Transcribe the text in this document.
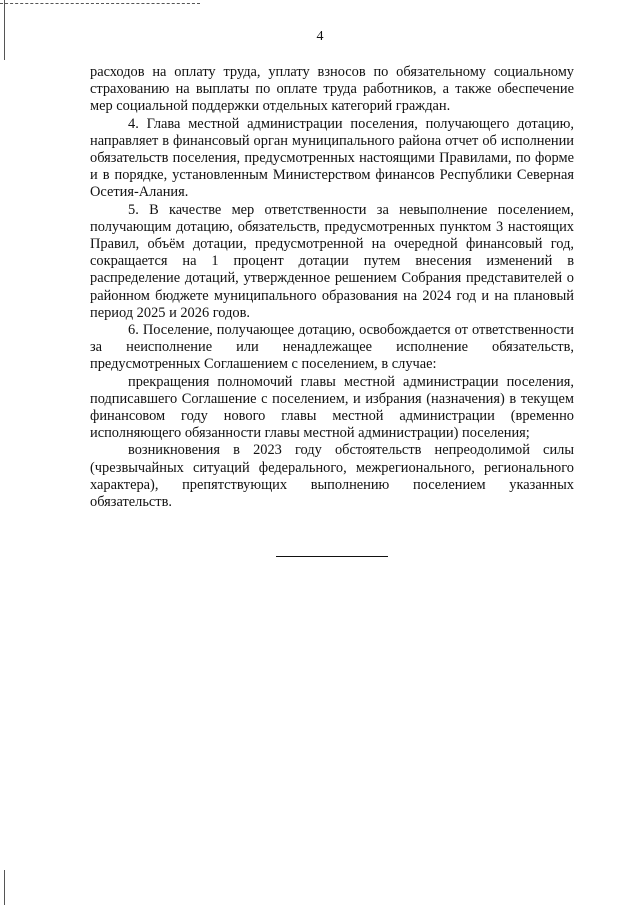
4

расходов на оплату труда, уплату взносов по обязательному социальному страхованию на выплаты по оплате труда работников, а также обеспечение мер социальной поддержки отдельных категорий граждан.

4. Глава местной администрации поселения, получающего дотацию, направляет в финансовый орган муниципального района отчет об исполнении обязательств поселения, предусмотренных настоящими Правилами, по форме и в порядке, установленным Министерством финансов Республики Северная Осетия-Алания.

5. В качестве мер ответственности за невыполнение поселением, получающим дотацию, обязательств, предусмотренных пунктом 3 настоящих Правил, объём дотации, предусмотренной на очередной финансовый год, сокращается на 1 процент дотации путем внесения изменений в распределение дотаций, утвержденное решением Собрания представителей о районном бюджете муниципального образования на 2024 год и на плановый период 2025 и 2026 годов.

6. Поселение, получающее дотацию, освобождается от ответственности за неисполнение или ненадлежащее исполнение обязательств, предусмотренных Соглашением с поселением, в случае:

прекращения полномочий главы местной администрации поселения, подписавшего Соглашение с поселением, и избрания (назначения) в текущем финансовом году нового главы местной администрации (временно исполняющего обязанности главы местной администрации) поселения;

возникновения в 2023 году обстоятельств непреодолимой силы (чрезвычайных ситуаций федерального, межрегионального, регионального характера), препятствующих выполнению поселением указанных обязательств.
